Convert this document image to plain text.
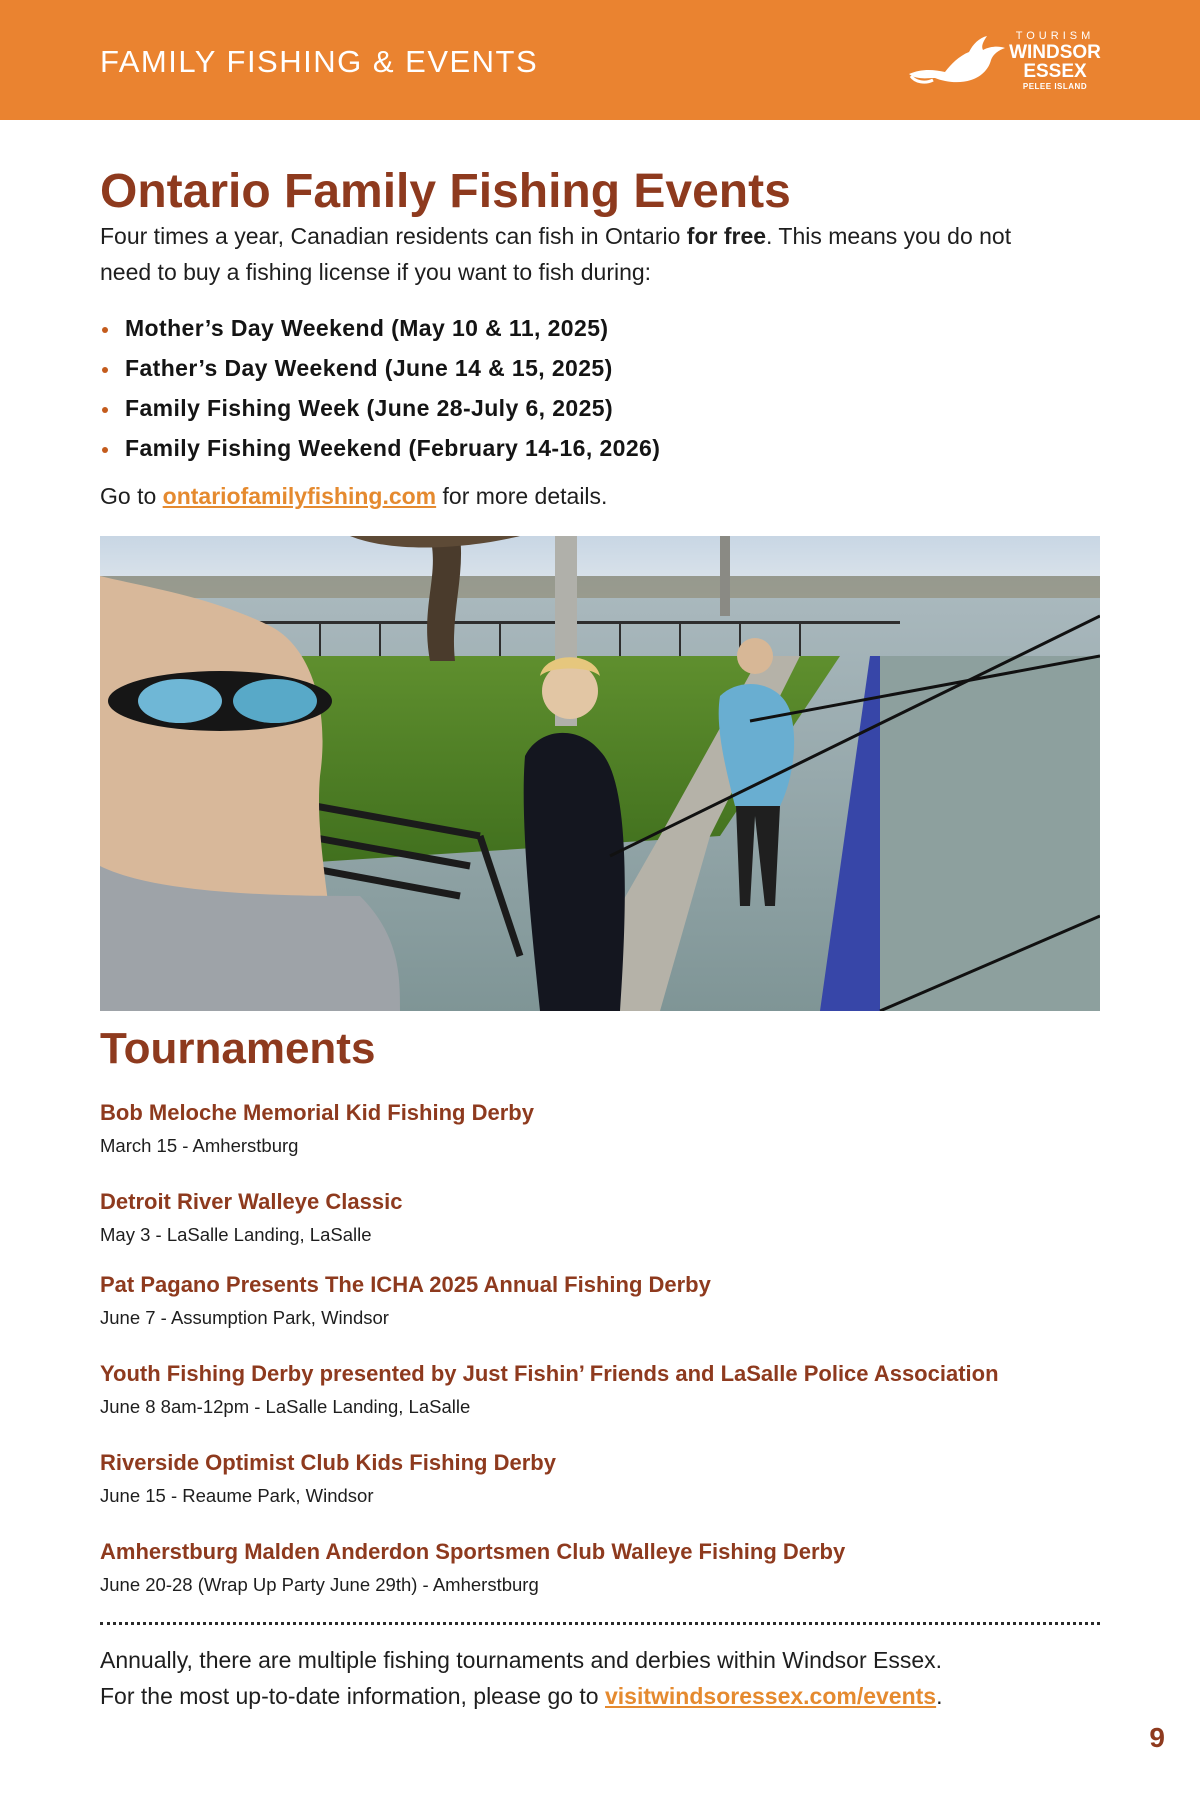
FAMILY FISHING & EVENTS
TOURISM
WINDSOR
ESSEX
PELEE ISLAND
Ontario Family Fishing Events

Four times a year, Canadian residents can fish in Ontario for free. This means you do not need to buy a fishing license if you want to fish during:

Mother’s Day Weekend (May 10 & 11, 2025)
Father’s Day Weekend (June 14 & 15, 2025)
Family Fishing Week (June 28-July 6, 2025)
Family Fishing Weekend (February 14-16, 2026)

Go to ontariofamilyfishing.com for more details.

Tournaments

Bob Meloche Memorial Kid Fishing Derby

March 15 - Amherstburg

Detroit River Walleye Classic

May 3 - LaSalle Landing, LaSalle

Pat Pagano Presents The ICHA 2025 Annual Fishing Derby

June 7 - Assumption Park, Windsor

Youth Fishing Derby presented by Just Fishin’ Friends and LaSalle Police Association

June 8 8am-12pm - LaSalle Landing, LaSalle

Riverside Optimist Club Kids Fishing Derby

June 15 - Reaume Park, Windsor

Amherstburg Malden Anderdon Sportsmen Club Walleye Fishing Derby

June 20-28 (Wrap Up Party June 29th) - Amherstburg

Annually, there are multiple fishing tournaments and derbies within Windsor Essex.
For the most up-to-date information, please go to visitwindsoressex.com/events.
9
